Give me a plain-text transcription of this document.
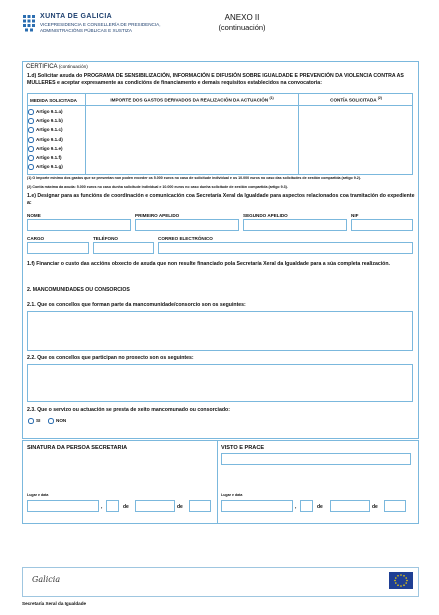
XUNTA DE GALICIA
VICEPRESIDENCIA E CONSELLERÍA DE PRESIDENCIA,
ADMINISTRACIÓNS PÚBLICAS E XUSTIZA
ANEXO II
(continuación)
CERTIFICA (continuación)
1.d) Solicitar axuda do PROGRAMA DE SENSIBILIZACIÓN, INFORMACIÓN E DIFUSIÓN SOBRE IGUALDADE E PREVENCIÓN DA VIOLENCIA CONTRA AS MULLERES e aceptar expresamente as condicións de financiamento e demais requisitos establecidos na convocatoria:
MEDIDA SOLICITADA	IMPORTE DOS GASTOS DERIVADOS DA REALIZACIÓN DA ACTUACIÓN $^{(1)}$	CONTÍA SOLICITADA $^{(2)}$
Artigo 9.1.a)
Artigo 9.1.b)
Artigo 9.1.c)
Artigo 9.1.d)
Artigo 9.1.e)
Artigo 9.1.f)
Artigo 9.1.g)
(1) O importe mínimo dos gastos que se presentan non poden exceder os 5.000 euros no caso de solicitude individual e os 10.000 euros no caso das solicitudes de xestión compartida (artigo 9.2).
(2) Contía máxima da axuda: 5.000 euros no caso dunha solicitude individual e 10.000 euros no caso dunha solicitude de xestión compartida (artigo 9.3).
1.e) Designar para as funcións de coordinación e comunicación coa Secretaría Xeral da Igualdade para aspectos relacionados coa tramitación do expediente a:
NOME	PRIMEIRO APELIDO	SEGUNDO APELIDO	NIF
CARGO	TELÉFONO	CORREO ELECTRÓNICO
1.f) Financiar o custo das accións obxecto de axuda que non resulte financiado pola Secretaría Xeral da Igualdade para a súa completa realización.
2. MANCOMUNIDADES OU CONSORCIOS
2.1. Que os concellos que forman parte da mancomunidade/consorcio son os seguintes:
2.2. Que os concellos que participan no proxecto son os seguintes:
2.3. Que o servizo ou actuación se presta de xeito mancomunado ou consorciado:
SI	NON
SINATURA DA PERSOA SECRETARIA	VISTO E PRACE
Lugar e data
,	de	de
Lugar e data
,	de	de
Galicia
Secretaría Xeral da Igualdade
